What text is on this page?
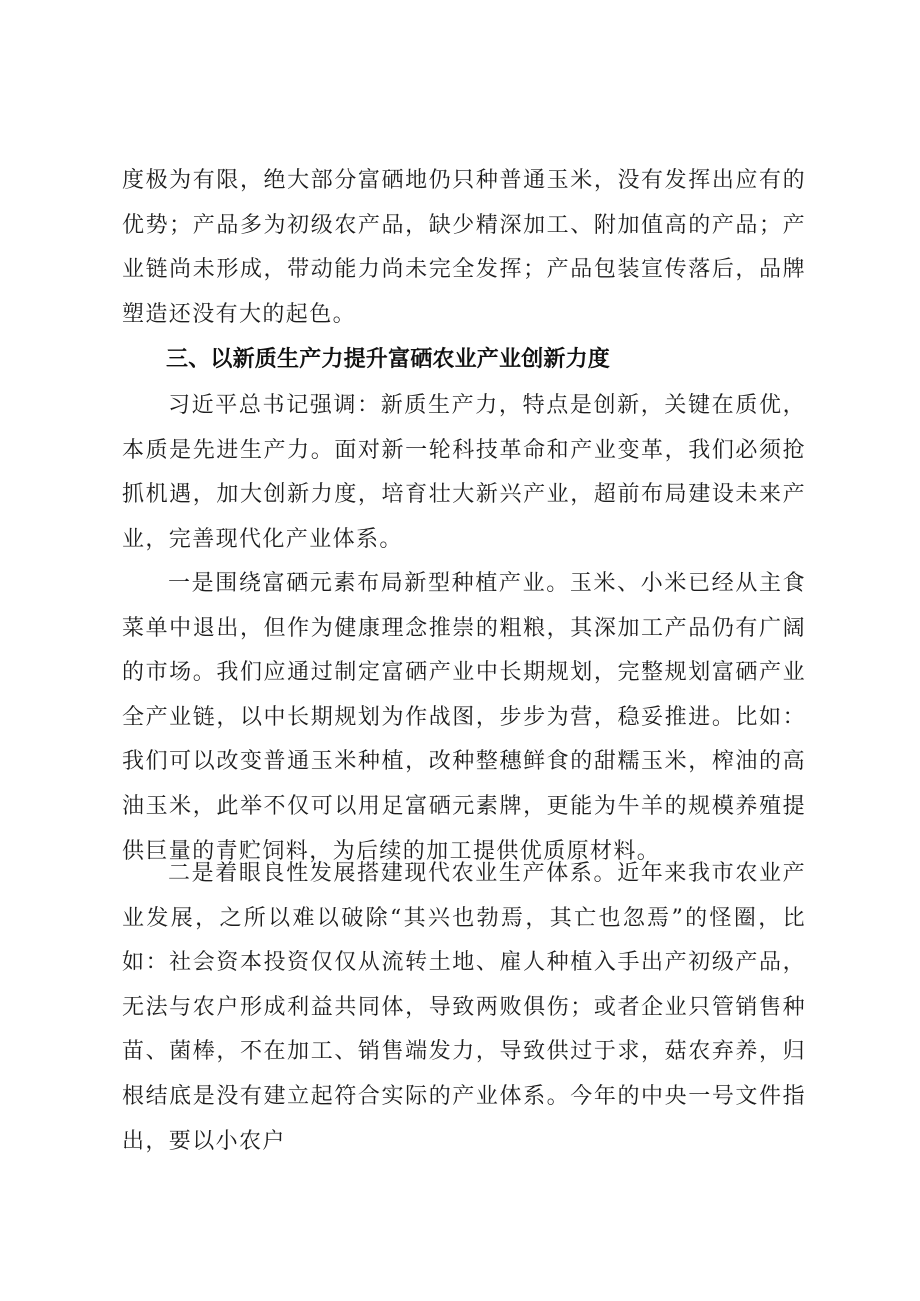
度极为有限，绝大部分富硒地仍只种普通玉米，没有发挥出应有的优势；产品多为初级农产品，缺少精深加工、附加值高的产品；产业链尚未形成，带动能力尚未完全发挥；产品包装宣传落后，品牌塑造还没有大的起色。

三、以新质生产力提升富硒农业产业创新力度

习近平总书记强调：新质生产力，特点是创新，关键在质优，本质是先进生产力。面对新一轮科技革命和产业变革，我们必须抢抓机遇，加大创新力度，培育壮大新兴产业，超前布局建设未来产业，完善现代化产业体系。

一是围绕富硒元素布局新型种植产业。玉米、小米已经从主食菜单中退出，但作为健康理念推崇的粗粮，其深加工产品仍有广阔的市场。我们应通过制定富硒产业中长期规划，完整规划富硒产业全产业链，以中长期规划为作战图，步步为营，稳妥推进。比如：我们可以改变普通玉米种植，改种整穗鲜食的甜糯玉米，榨油的高油玉米，此举不仅可以用足富硒元素牌，更能为牛羊的规模养殖提供巨量的青贮饲料，为后续的加工提供优质原材料。

二是着眼良性发展搭建现代农业生产体系。近年来我市农业产业发展，之所以难以破除“其兴也勃焉，其亡也忽焉”的怪圈，比如：社会资本投资仅仅从流转土地、雇人种植入手出产初级产品，无法与农户形成利益共同体，导致两败俱伤；或者企业只管销售种苗、菌棒，不在加工、销售端发力，导致供过于求，菇农弃养，归根结底是没有建立起符合实际的产业体系。今年的中央一号文件指出，要以小农户
